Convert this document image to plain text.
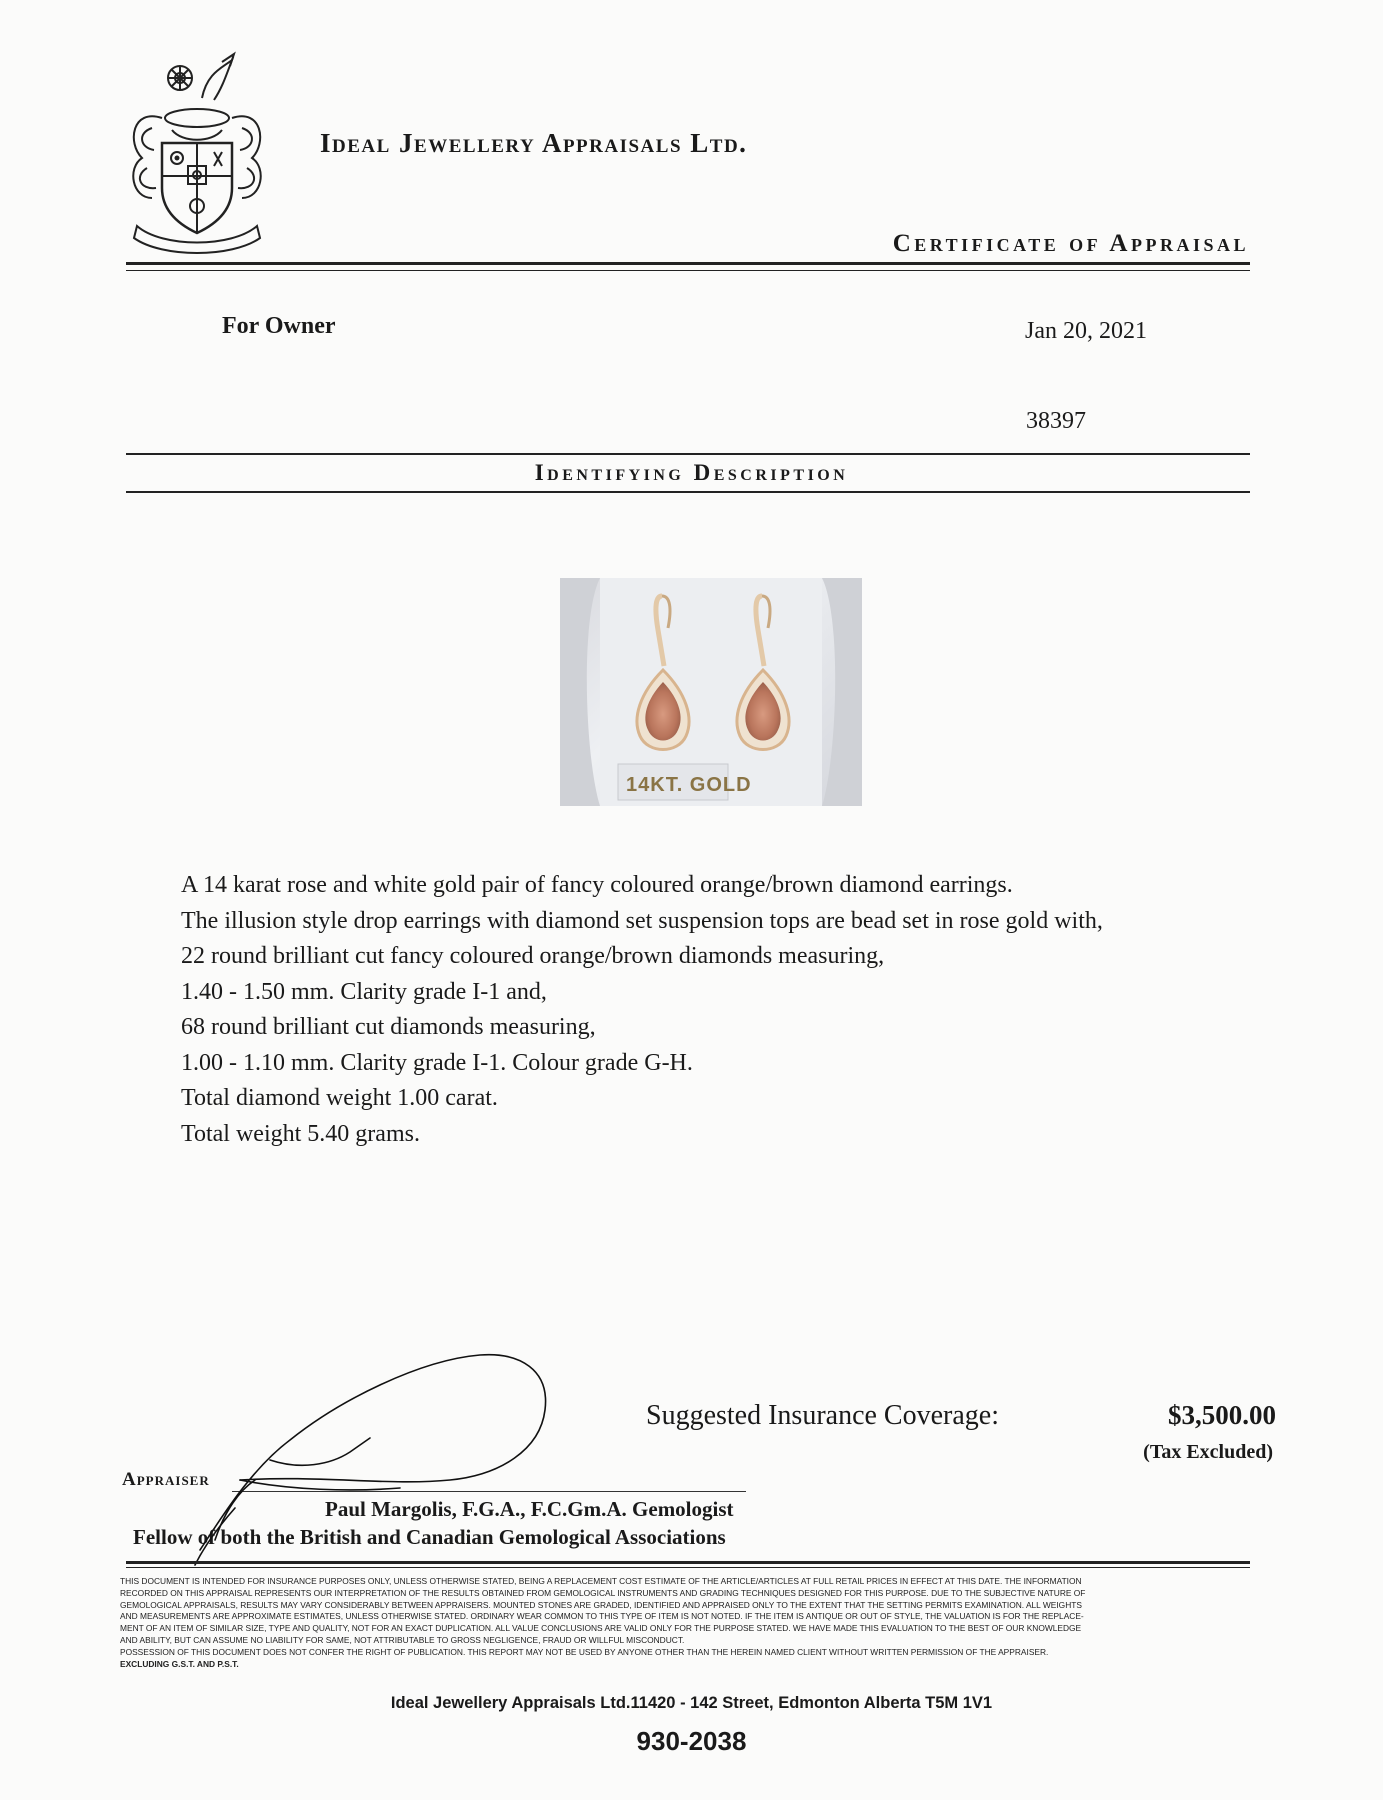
Ideal Jewellery Appraisals Ltd.
Certificate of Appraisal
For Owner	Jan 20, 2021
38397
Identifying Description
14KT. GOLD
A 14 karat rose and white gold pair of fancy coloured orange/brown diamond earrings.
The illusion style drop earrings with diamond set suspension tops are bead set in rose gold with,
22 round brilliant cut fancy coloured orange/brown diamonds measuring,
1.40 - 1.50 mm. Clarity grade I-1 and,
68 round brilliant cut diamonds measuring,
1.00 - 1.10 mm. Clarity grade I-1. Colour grade G-H.
Total diamond weight 1.00 carat.
Total weight 5.40 grams.
Suggested Insurance Coverage:	$3,500.00
(Tax Excluded)
Appraiser
Paul Margolis, F.G.A., F.C.Gm.A. Gemologist
Fellow of both the British and Canadian Gemological Associations
THIS DOCUMENT IS INTENDED FOR INSURANCE PURPOSES ONLY, UNLESS OTHERWISE STATED, BEING A REPLACEMENT COST ESTIMATE OF THE ARTICLE/ARTICLES AT FULL RETAIL PRICES IN EFFECT AT THIS DATE. THE INFORMATION
RECORDED ON THIS APPRAISAL REPRESENTS OUR INTERPRETATION OF THE RESULTS OBTAINED FROM GEMOLOGICAL INSTRUMENTS AND GRADING TECHNIQUES DESIGNED FOR THIS PURPOSE. DUE TO THE SUBJECTIVE NATURE OF
GEMOLOGICAL APPRAISALS, RESULTS MAY VARY CONSIDERABLY BETWEEN APPRAISERS. MOUNTED STONES ARE GRADED, IDENTIFIED AND APPRAISED ONLY TO THE EXTENT THAT THE SETTING PERMITS EXAMINATION. ALL WEIGHTS
AND MEASUREMENTS ARE APPROXIMATE ESTIMATES, UNLESS OTHERWISE STATED. ORDINARY WEAR COMMON TO THIS TYPE OF ITEM IS NOT NOTED. IF THE ITEM IS ANTIQUE OR OUT OF STYLE, THE VALUATION IS FOR THE REPLACE-
MENT OF AN ITEM OF SIMILAR SIZE, TYPE AND QUALITY, NOT FOR AN EXACT DUPLICATION. ALL VALUE CONCLUSIONS ARE VALID ONLY FOR THE PURPOSE STATED. WE HAVE MADE THIS EVALUATION TO THE BEST OF OUR KNOWLEDGE
AND ABILITY, BUT CAN ASSUME NO LIABILITY FOR SAME, NOT ATTRIBUTABLE TO GROSS NEGLIGENCE, FRAUD OR WILLFUL MISCONDUCT.
POSSESSION OF THIS DOCUMENT DOES NOT CONFER THE RIGHT OF PUBLICATION. THIS REPORT MAY NOT BE USED BY ANYONE OTHER THAN THE HEREIN NAMED CLIENT WITHOUT WRITTEN PERMISSION OF THE APPRAISER.
EXCLUDING G.S.T. AND P.S.T.
Ideal Jewellery Appraisals Ltd.11420 - 142 Street, Edmonton Alberta T5M 1V1
930-2038
